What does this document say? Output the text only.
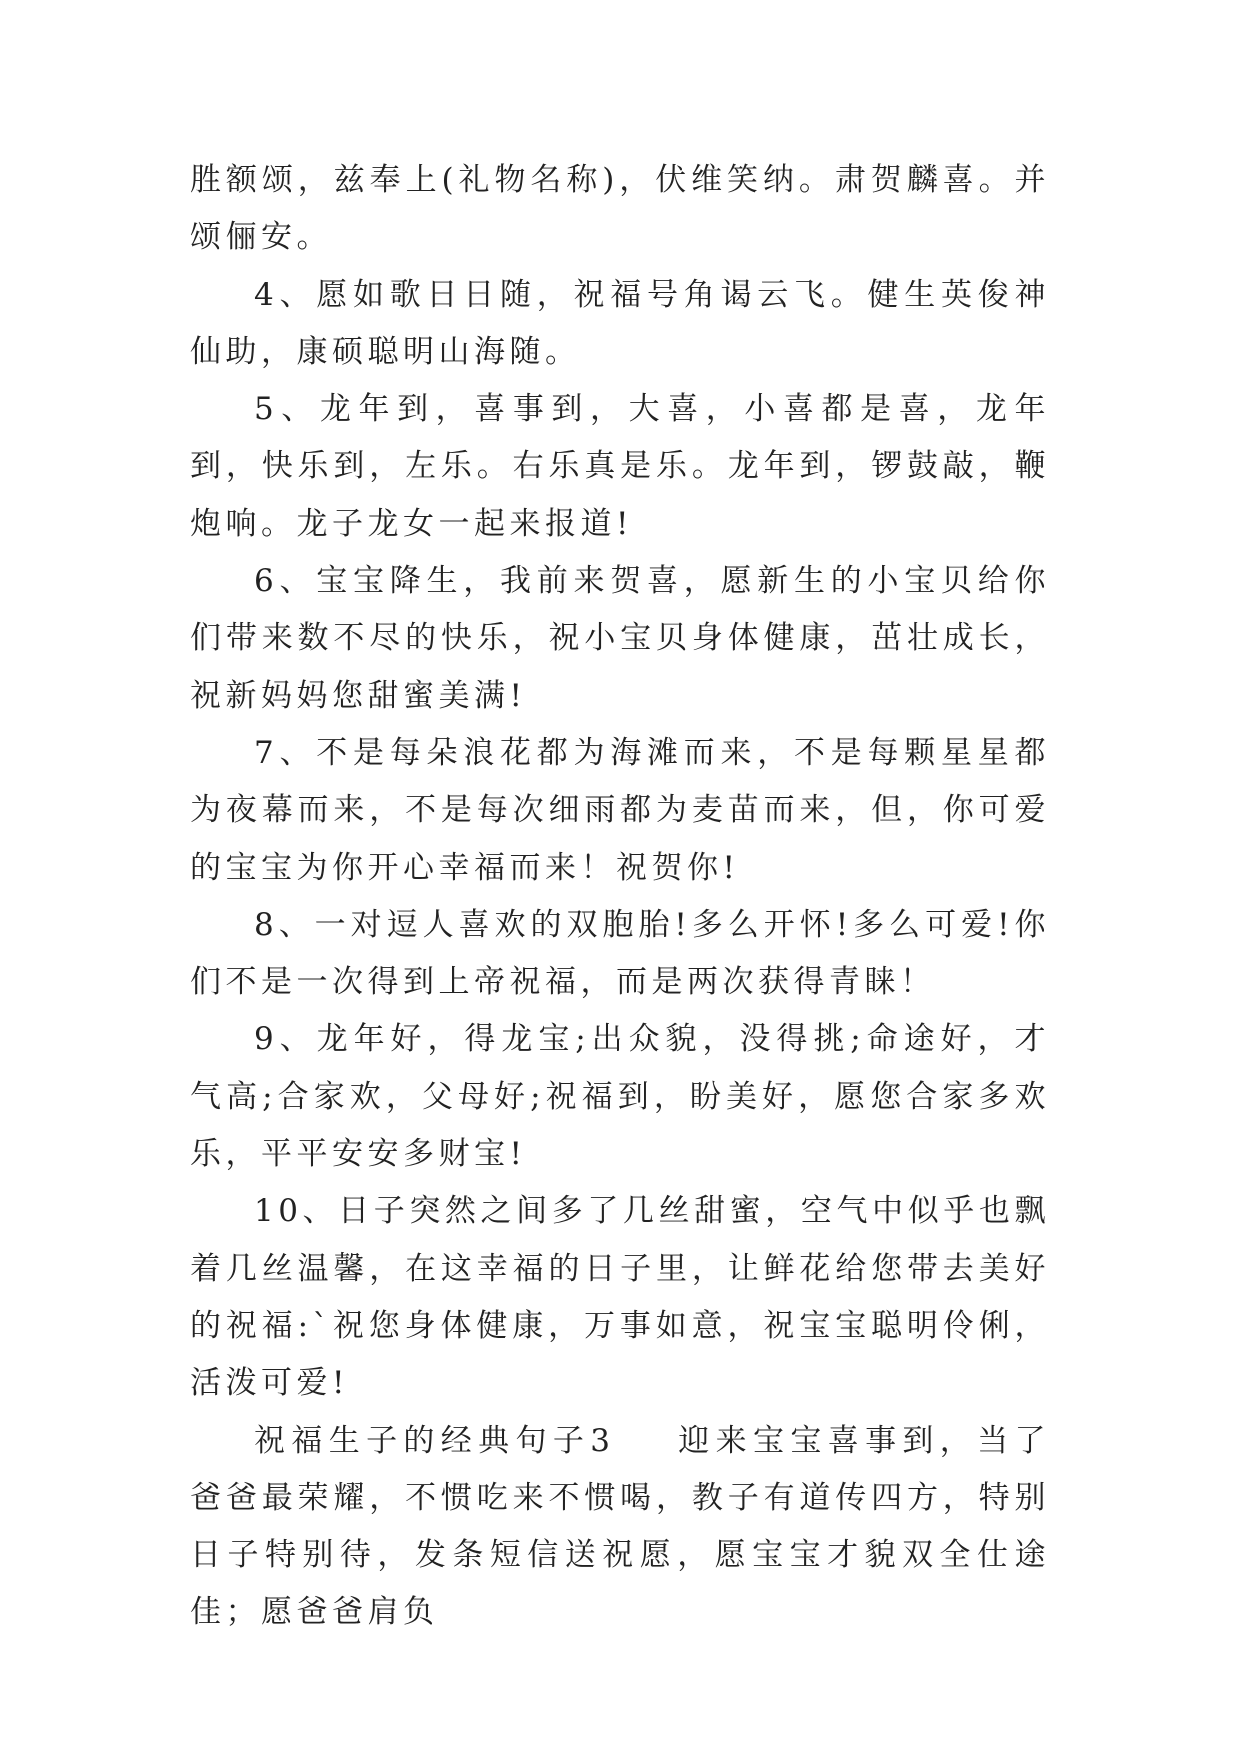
胜额颂，兹奉上(礼物名称)，伏维笑纳。肃贺麟喜。并颂俪安。

4、愿如歌日日随，祝福号角谒云飞。健生英俊神仙助，康硕聪明山海随。

5、龙年到，喜事到，大喜，小喜都是喜，龙年到，快乐到，左乐。右乐真是乐。龙年到，锣鼓敲，鞭炮响。龙子龙女一起来报道!

6、宝宝降生，我前来贺喜，愿新生的小宝贝给你们带来数不尽的快乐，祝小宝贝身体健康，茁壮成长，祝新妈妈您甜蜜美满!

7、不是每朵浪花都为海滩而来，不是每颗星星都为夜幕而来，不是每次细雨都为麦苗而来，但，你可爱的宝宝为你开心幸福而来！祝贺你!

8、一对逗人喜欢的双胞胎!多么开怀!多么可爱!你们不是一次得到上帝祝福，而是两次获得青睐！

9、龙年好，得龙宝;出众貌，没得挑;命途好，才气高;合家欢，父母好;祝福到，盼美好，愿您合家多欢乐，平平安安多财宝!

10、日子突然之间多了几丝甜蜜，空气中似乎也飘着几丝温馨，在这幸福的日子里，让鲜花给您带去美好的祝福:`祝您身体健康，万事如意，祝宝宝聪明伶俐，活泼可爱!

祝福生子的经典句子3 迎来宝宝喜事到，当了爸爸最荣耀，不惯吃来不惯喝，教子有道传四方，特别日子特别待，发条短信送祝愿，愿宝宝才貌双全仕途佳；愿爸爸肩负
